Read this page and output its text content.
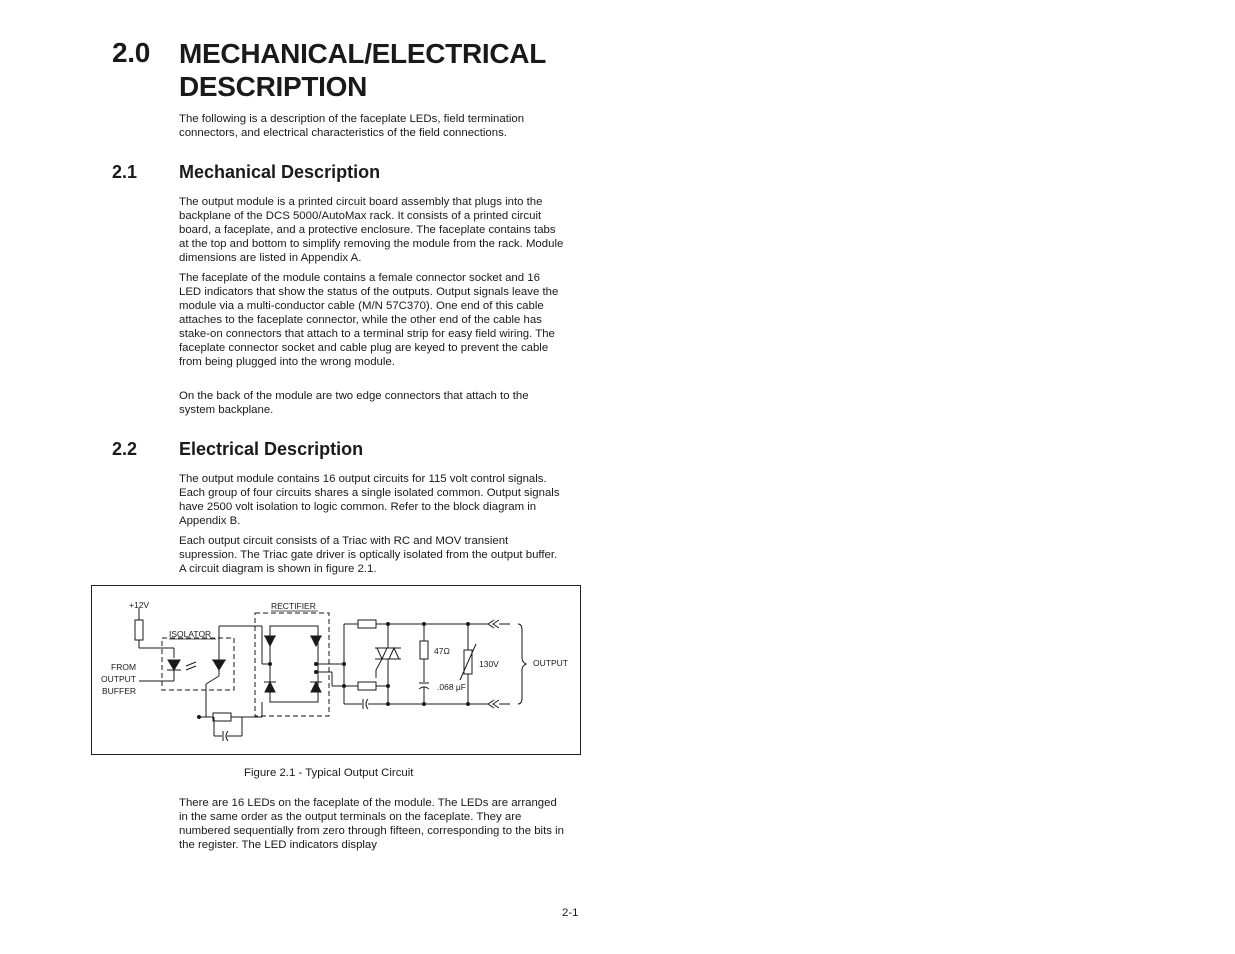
2.0 MECHANICAL/ELECTRICAL
DESCRIPTION

The following is a description of the faceplate LEDs, field termination connectors, and electrical characteristics of the field connections.

2.1 Mechanical Description

The output module is a printed circuit board assembly that plugs into the backplane of the DCS 5000/AutoMax rack. It consists of a printed circuit board, a faceplate, and a protective enclosure. The faceplate contains tabs at the top and bottom to simplify removing the module from the rack. Module dimensions are listed in Appendix A.

The faceplate of the module contains a female connector socket and 16 LED indicators that show the status of the outputs. Output signals leave the module via a multi-conductor cable (M/N 57C370). One end of this cable attaches to the faceplate connector, while the other end of the cable has stake-on connectors that attach to a terminal strip for easy field wiring. The faceplate connector socket and cable plug are keyed to prevent the cable from being plugged into the wrong module.

On the back of the module are two edge connectors that attach to the system backplane.

2.2 Electrical Description

The output module contains 16 output circuits for 115 volt control signals. Each group of four circuits shares a single isolated common. Output signals have 2500 volt isolation to logic common. Refer to the block diagram in Appendix B.

Each output circuit consists of a Triac with RC and MOV transient supression. The Triac gate driver is optically isolated from the output buffer. A circuit diagram is shown in figure 2.1.

+12V
ISOLATOR
RECTIFIER
FROM
OUTPUT
BUFFER
47Ω
.068 μF
130V	OUTPUT
Figure 2.1 - Typical Output Circuit

There are 16 LEDs on the faceplate of the module. The LEDs are arranged in the same order as the output terminals on the faceplate. They are numbered sequentially from zero through fifteen, corresponding to the bits in the register. The LED indicators display

2-1
